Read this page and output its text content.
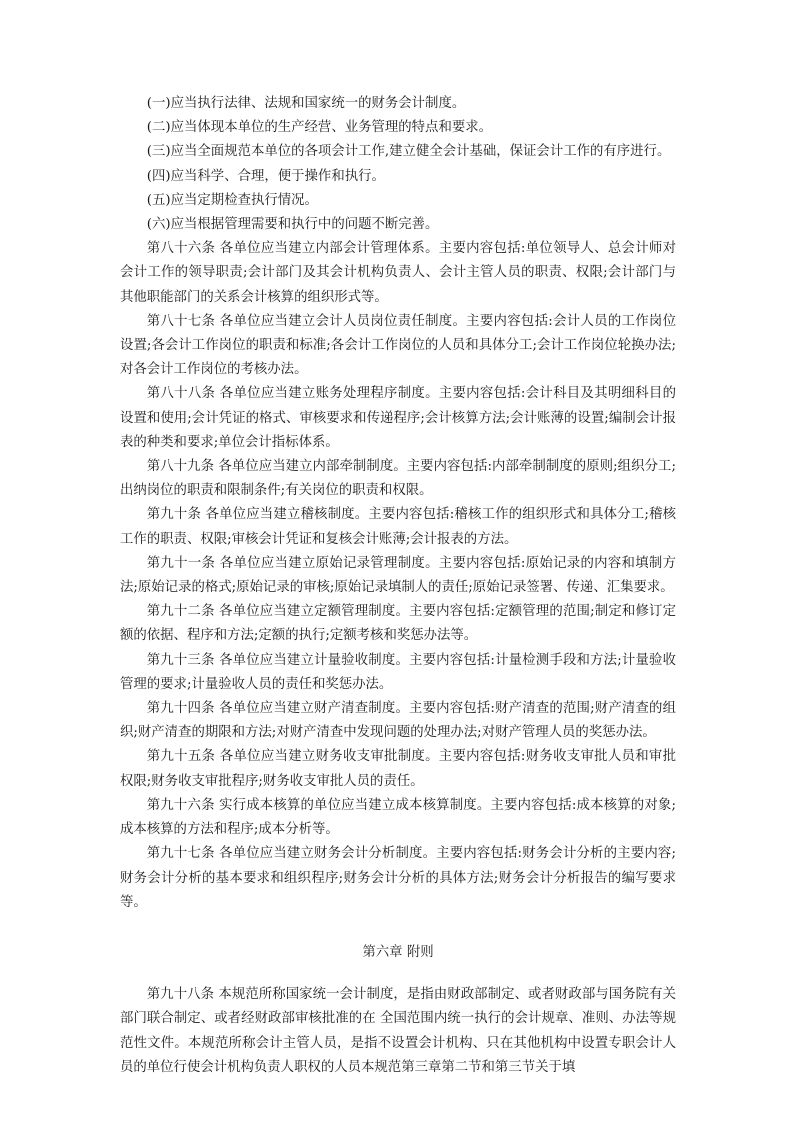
(一)应当执行法律、法规和国家统一的财务会计制度。

(二)应当体现本单位的生产经营、业务管理的特点和要求。

(三)应当全面规范本单位的各项会计工作,建立健全会计基础，保证会计工作的有序进行。

(四)应当科学、合理，便于操作和执行。

(五)应当定期检查执行情况。

(六)应当根据管理需要和执行中的问题不断完善。

第八十六条 各单位应当建立内部会计管理体系。主要内容包括:单位领导人、总会计师对会计工作的领导职责;会计部门及其会计机构负责人、会计主管人员的职责、权限;会计部门与其他职能部门的关系会计核算的组织形式等。

第八十七条 各单位应当建立会计人员岗位责任制度。主要内容包括:会计人员的工作岗位设置;各会计工作岗位的职责和标准;各会计工作岗位的人员和具体分工;会计工作岗位轮换办法;对各会计工作岗位的考核办法。

第八十八条 各单位应当建立账务处理程序制度。主要内容包括:会计科目及其明细科目的设置和使用;会计凭证的格式、审核要求和传递程序;会计核算方法;会计账薄的设置;编制会计报表的种类和要求;单位会计指标体系。

第八十九条 各单位应当建立内部牵制制度。主要内容包括:内部牵制制度的原则;组织分工;出纳岗位的职责和限制条件;有关岗位的职责和权限。

第九十条 各单位应当建立稽核制度。主要内容包括:稽核工作的组织形式和具体分工;稽核工作的职责、权限;审核会计凭证和复核会计账薄;会计报表的方法。

第九十一条 各单位应当建立原始记录管理制度。主要内容包括:原始记录的内容和填制方法;原始记录的格式;原始记录的审核;原始记录填制人的责任;原始记录签署、传递、汇集要求。

第九十二条 各单位应当建立定额管理制度。主要内容包括:定额管理的范围;制定和修订定额的依据、程序和方法;定额的执行;定额考核和奖惩办法等。

第九十三条 各单位应当建立计量验收制度。主要内容包括:计量检测手段和方法;计量验收管理的要求;计量验收人员的责任和奖惩办法。

第九十四条 各单位应当建立财产清查制度。主要内容包括:财产清查的范围;财产清查的组织;财产清查的期限和方法;对财产清查中发现问题的处理办法;对财产管理人员的奖惩办法。

第九十五条 各单位应当建立财务收支审批制度。主要内容包括:财务收支审批人员和审批权限;财务收支审批程序;财务收支审批人员的责任。

第九十六条 实行成本核算的单位应当建立成本核算制度。主要内容包括:成本核算的对象;成本核算的方法和程序;成本分析等。

第九十七条 各单位应当建立财务会计分析制度。主要内容包括:财务会计分析的主要内容;财务会计分析的基本要求和组织程序;财务会计分析的具体方法;财务会计分析报告的编写要求等。

第六章 附则

第九十八条 本规范所称国家统一会计制度，是指由财政部制定、或者财政部与国务院有关部门联合制定、或者经财政部审核批准的在 全国范围内统一执行的会计规章、准则、办法等规范性文件。本规范所称会计主管人员，是指不设置会计机构、只在其他机构中设置专职会计人员的单位行使会计机构负责人职权的人员本规范第三章第二节和第三节关于填
